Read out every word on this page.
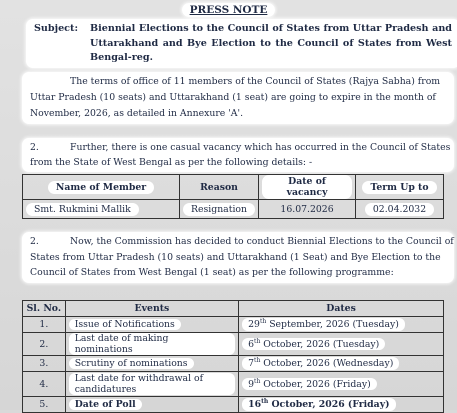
PRESS NOTE
Subject: Biennial Elections to the Council of States from Uttar Pradesh and Uttarakhand and Bye Election to the Council of States from West Bengal-reg.
The terms of office of 11 members of the Council of States (Rajya Sabha) from
Uttar Pradesh (10 seats) and Uttarakhand (1 seat) are going to expire in the month of
November, 2026, as detailed in Annexure 'A'.
2.	Further, there is one casual vacancy which has occurred in the Council of States
from the State of West Bengal as per the following details: -
Name of Member	Reason	Date of vacancy	Term Up to
Smt. Rukmini Mallik	Resignation	16.07.2026	02.04.2032
2.	Now, the Commission has decided to conduct Biennial Elections to the Council of
States from Uttar Pradesh (10 seats) and Uttarakhand (1 Seat) and Bye Election to the
Council of States from West Bengal (1 seat) as per the following programme:
Sl. No.	Events	Dates
1.	Issue of Notifications	29th September, 2026 (Tuesday)
2.	Last date of making nominations	6th October, 2026 (Tuesday)
3.	Scrutiny of nominations	7th October, 2026 (Wednesday)
4.	Last date for withdrawal of candidatures	9th October, 2026 (Friday)
5.	Date of Poll	16th October, 2026 (Friday)
